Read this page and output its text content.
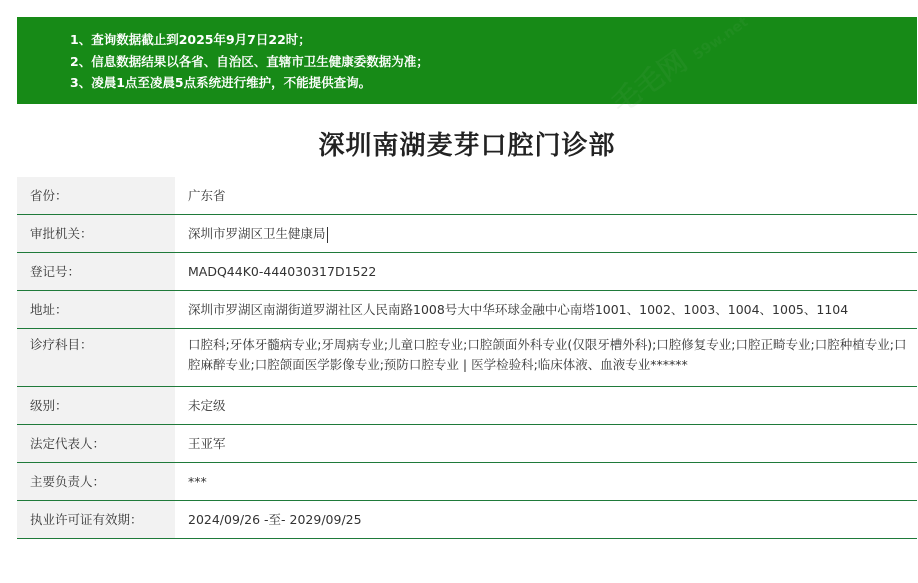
1、查询数据截止到2025年9月7日22时；
2、信息数据结果以各省、自治区、直辖市卫生健康委数据为准；
3、凌晨1点至凌晨5点系统进行维护，不能提供查询。
深圳南湖麦芽口腔门诊部
省份：	广东省

审批机关：	深圳市罗湖区卫生健康局

登记号：	MADQ44K0-444030317D1522

地址：	深圳市罗湖区南湖街道罗湖社区人民南路1008号大中华环球金融中心南塔1001、1002、1003、1004、1005、1104

诊疗科目：	口腔科;牙体牙髓病专业;牙周病专业;儿童口腔专业;口腔颌面外科专业(仅限牙槽外科);口腔修复专业;口腔正畸专业;口腔种植专业;口腔麻醉专业;口腔颌面医学影像专业;预防口腔专业 | 医学检验科;临床体液、血液专业******

级别：	未定级

法定代表人：	王亚军

主要负责人：	***

执业许可证有效期：	2024/09/26 -至- 2029/09/25
